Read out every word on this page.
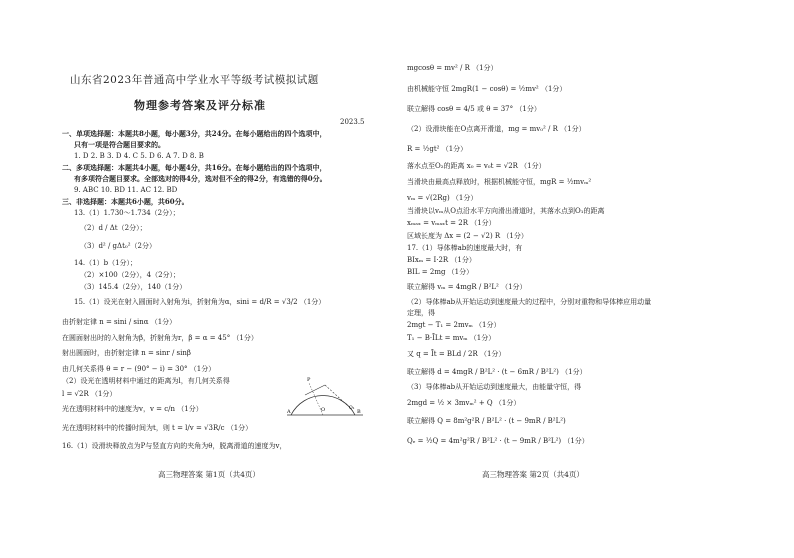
山东省2023年普通高中学业水平等级考试模拟试题
物理参考答案及评分标准
2023.5
一、单项选择题：本题共8小题，每小题3分，共24分。在每小题给出的四个选项中，
只有一项是符合题目要求的。
1. D 2. B 3. D 4. C 5. D 6. A 7. D 8. B
二、多项选择题：本题共4小题，每小题4分，共16分。在每小题给出的四个选项中，
有多项符合题目要求。全部选对的得4分，选对但不全的得2分，有选错的得0分。
9. ABC 10. BD 11. AC 12. BD
三、非选择题：本题共6小题，共60分。
13.（1）1.730～1.734（2分）；
（2）d / Δt（2分）；
（3）d² / gΔt₀²（2分）
14.（1）b（1分）；
（2）×100（2分），4（2分）；
（3）145.4（2分），140（1分）
15.（1）设光在射入圆面时入射角为i，折射角为α，sini = d/R = √3/2 （1分）
由折射定律 n = sini / sinα （1分）
在圆面射出时的入射角为β，折射角为r，β = α = 45° （1分）
射出圆面时，由折射定律 n = sinr / sinβ
由几何关系得 θ = r − (90° − i) = 30° （1分）
（2）设光在透明材料中通过的距离为l，有几何关系得
l = √2R （1分）
光在透明材料中的速度为v，v = c/n （1分）
光在透明材料中的传播时间为t，则 t = l/v = √3R/c （1分）
16.（1）设滑块释放点为P与竖直方向的夹角为θ，脱离滑道的速度为v，
P
A	O	B
O₁
高三物理答案 第1页（共4页）
mgcosθ = mv² / R （1分）
由机械能守恒 2mgR(1 − cosθ) = ½mv² （1分）
联立解得 cosθ = 4/5 或 θ = 37° （1分）
（2）设滑块能在O点离开滑道，mg = mv₀² / R （1分）
R = ½gt² （1分）
落水点至O₂的距离 x₀ = v₀t = √2R （1分）
当滑块由最高点释放时，根据机械能守恒，mgR = ½mvₘ²
vₘ = √(2Rg) （1分）
当滑块以vₘ从O点沿水平方向滑出滑道时，其落水点到O₁的距离
xₘₐₓ = vₘₐₓt = 2R （1分）
区域长度为 Δx = (2 − √2) R （1分）
17.（1）导体棒ab的速度最大时，有
BIxₘ = I·2R （1分）
BIL = 2mg （1分）
联立解得 vₘ = 4mgR / B²L² （1分）
（2）导体棒ab从开始运动到速度最大的过程中，分别对重物和导体棒应用动量
定理，得
2mgt − T₁ = 2mvₘ （1分）
T₁ − B·ĪLt = mvₘ （1分）
又 q = Īt = BLd / 2R （1分）
联立解得 d = 4mgR / B²L² · (t − 6mR / B²L²) （1分）
（3）导体棒ab从开始运动到速度最大，由能量守恒，得
2mgd = ½ × 3mvₘ² + Q （1分）
联立解得 Q = 8m²g²R / B²L² · (t − 9mR / B²L²)
Qₑ = ½Q = 4m²g²R / B²L² · (t − 9mR / B²L²) （1分）
高三物理答案 第2页（共4页）
